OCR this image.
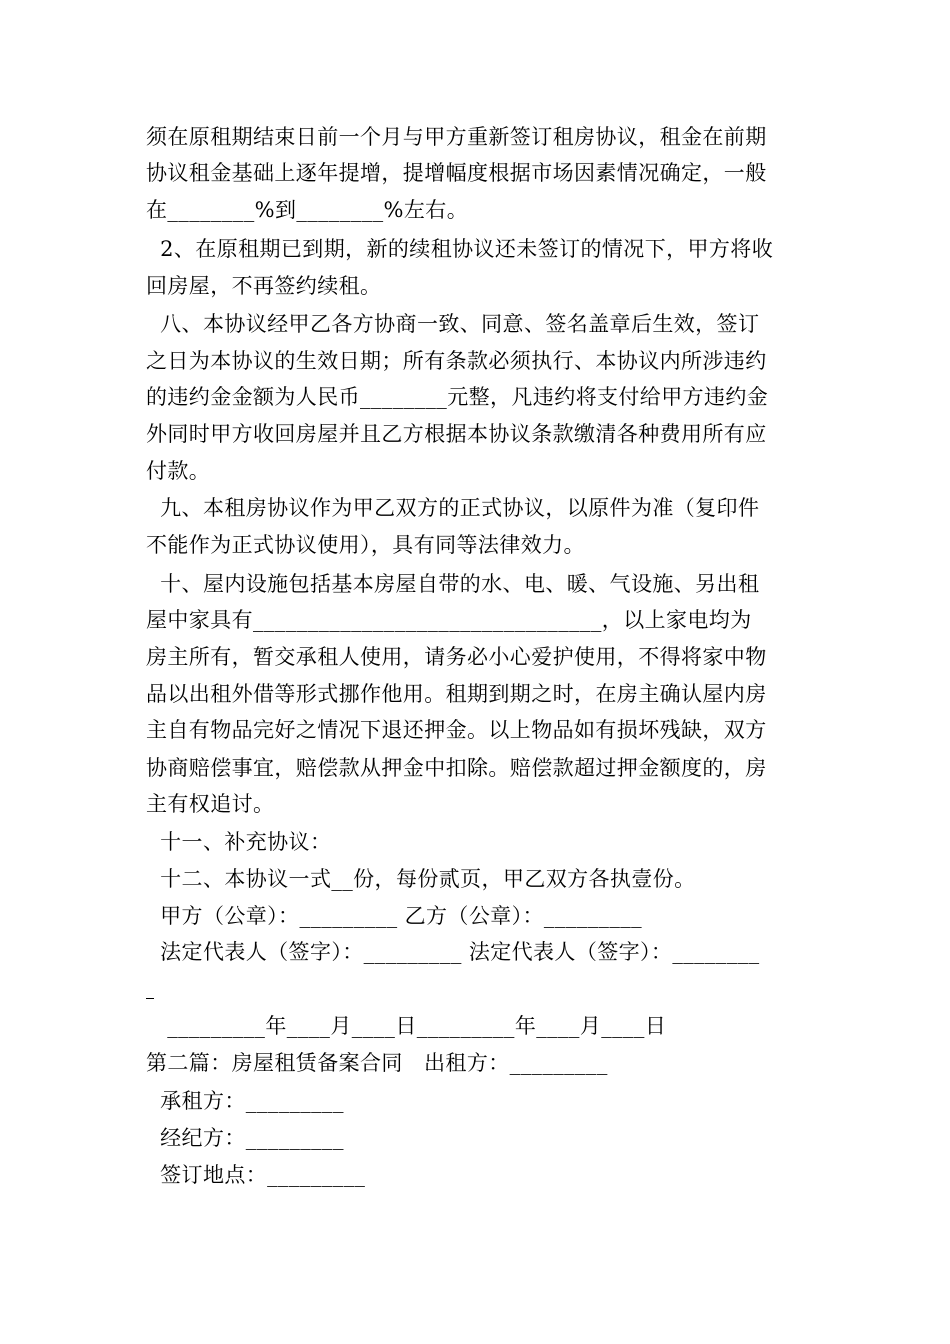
须在原租期结束日前一个月与甲方重新签订租房协议，租金在前期
协议租金基础上逐年提增，提增幅度根据市场因素情况确定，一般
在________%到________%左右。
2、在原租期已到期，新的续租协议还未签订的情况下，甲方将收
回房屋，不再签约续租。
八、本协议经甲乙各方协商一致、同意、签名盖章后生效，签订
之日为本协议的生效日期；所有条款必须执行、本协议内所涉违约
的违约金金额为人民币________元整，凡违约将支付给甲方违约金
外同时甲方收回房屋并且乙方根据本协议条款缴清各种费用所有应
付款。
九、本租房协议作为甲乙双方的正式协议，以原件为准（复印件
不能作为正式协议使用），具有同等法律效力。
十、屋内设施包括基本房屋自带的水、电、暖、气设施、另出租
屋中家具有________________________________，以上家电均为
房主所有，暂交承租人使用，请务必小心爱护使用，不得将家中物
品以出租外借等形式挪作他用。租期到期之时，在房主确认屋内房
主自有物品完好之情况下退还押金。以上物品如有损坏残缺，双方
协商赔偿事宜，赔偿款从押金中扣除。赔偿款超过押金额度的，房
主有权追讨。
十一、补充协议：
十二、本协议一式__份，每份贰页，甲乙双方各执壹份。
甲方（公章）：_________ 乙方（公章）：_________
法定代表人（签字）：_________ 法定代表人（签字）：________
_________年____月____日_________年____月____日
第二篇：房屋租赁备案合同   出租方：_________
承租方：_________
经纪方：_________
签订地点：_________
